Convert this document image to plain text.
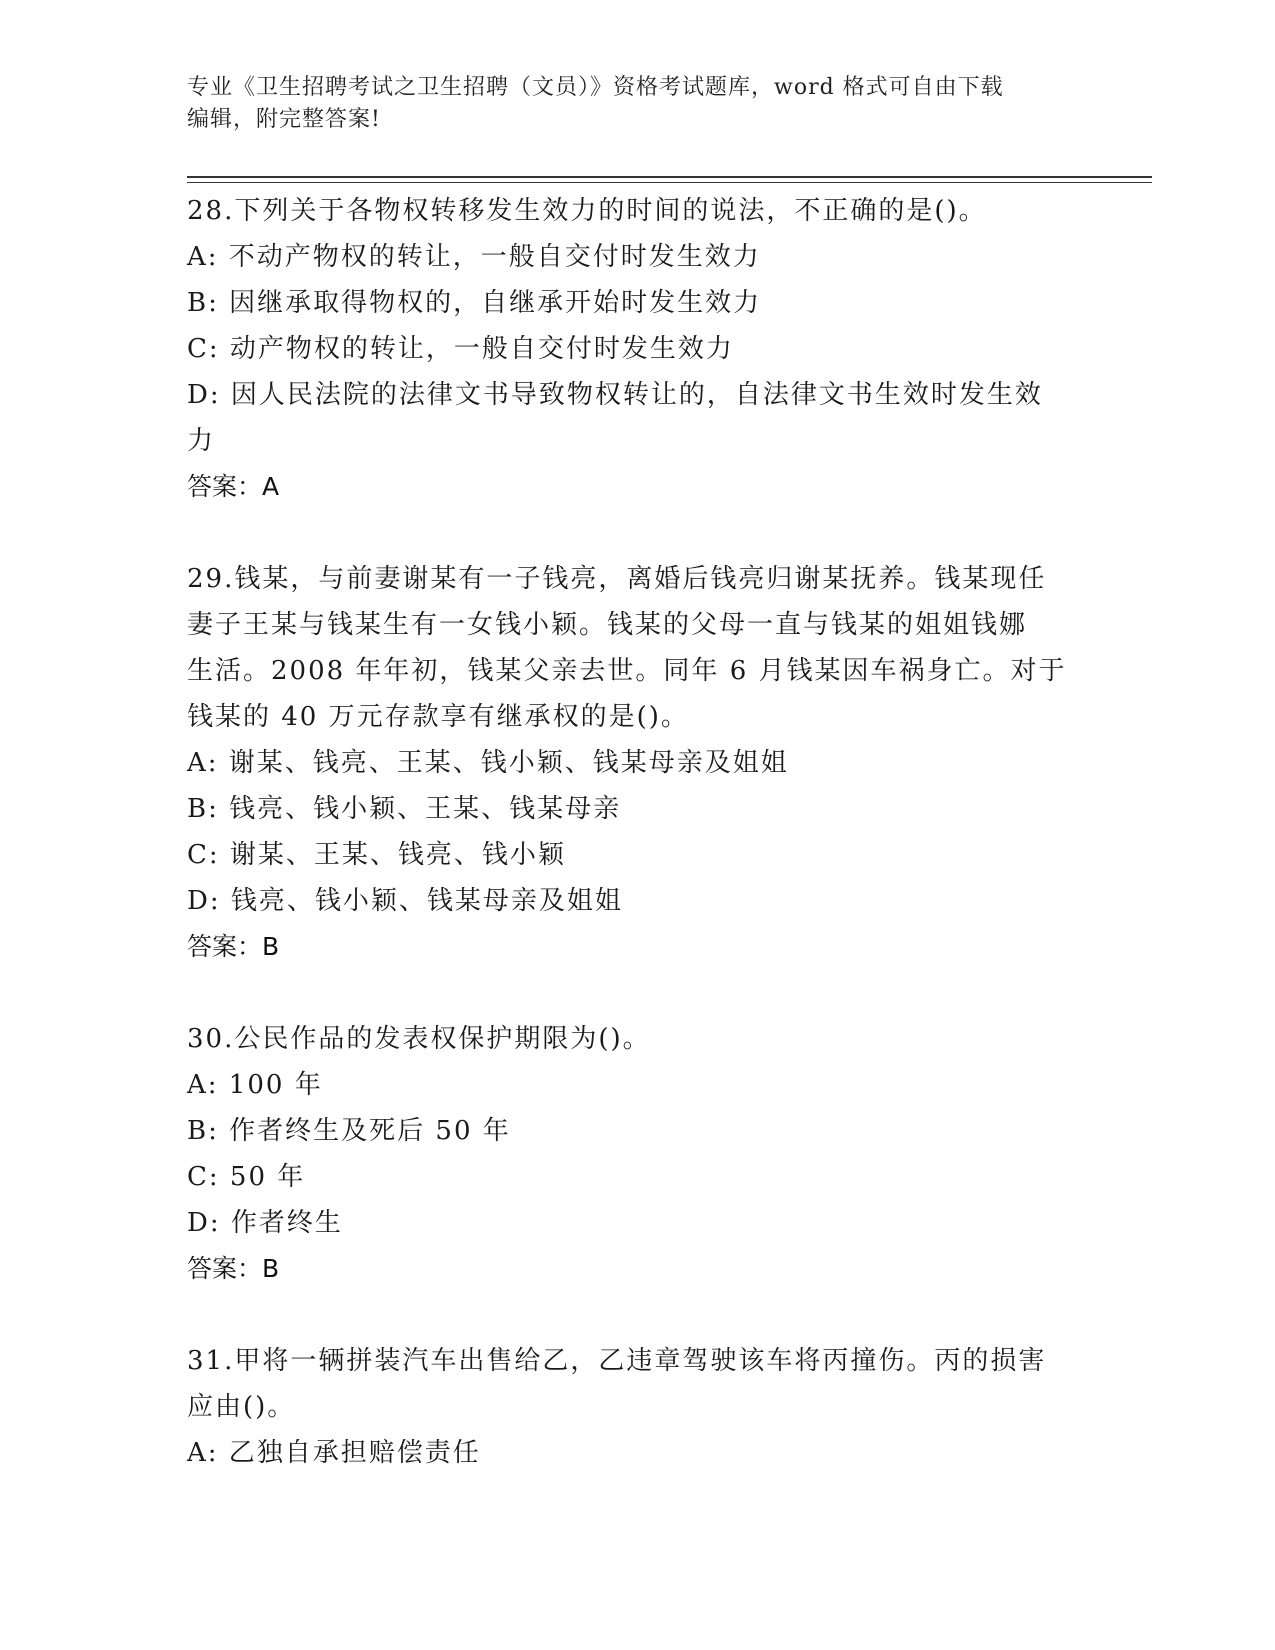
专业《卫生招聘考试之卫生招聘（文员）》资格考试题库，word 格式可自由下载
编辑，附完整答案!
28.下列关于各物权转移发生效力的时间的说法，不正确的是()。
A: 不动产物权的转让，一般自交付时发生效力
B: 因继承取得物权的，自继承开始时发生效力
C: 动产物权的转让，一般自交付时发生效力
D: 因人民法院的法律文书导致物权转让的，自法律文书生效时发生效
力
答案：A
29.钱某，与前妻谢某有一子钱亮，离婚后钱亮归谢某抚养。钱某现任
妻子王某与钱某生有一女钱小颖。钱某的父母一直与钱某的姐姐钱娜
生活。2008 年年初，钱某父亲去世。同年 6 月钱某因车祸身亡。对于
钱某的 40 万元存款享有继承权的是()。
A: 谢某、钱亮、王某、钱小颖、钱某母亲及姐姐
B: 钱亮、钱小颖、王某、钱某母亲
C: 谢某、王某、钱亮、钱小颖
D: 钱亮、钱小颖、钱某母亲及姐姐
答案：B
30.公民作品的发表权保护期限为()。
A: 100 年
B: 作者终生及死后 50 年
C: 50 年
D: 作者终生
答案：B
31.甲将一辆拼装汽车出售给乙，乙违章驾驶该车将丙撞伤。丙的损害
应由()。
A: 乙独自承担赔偿责任
